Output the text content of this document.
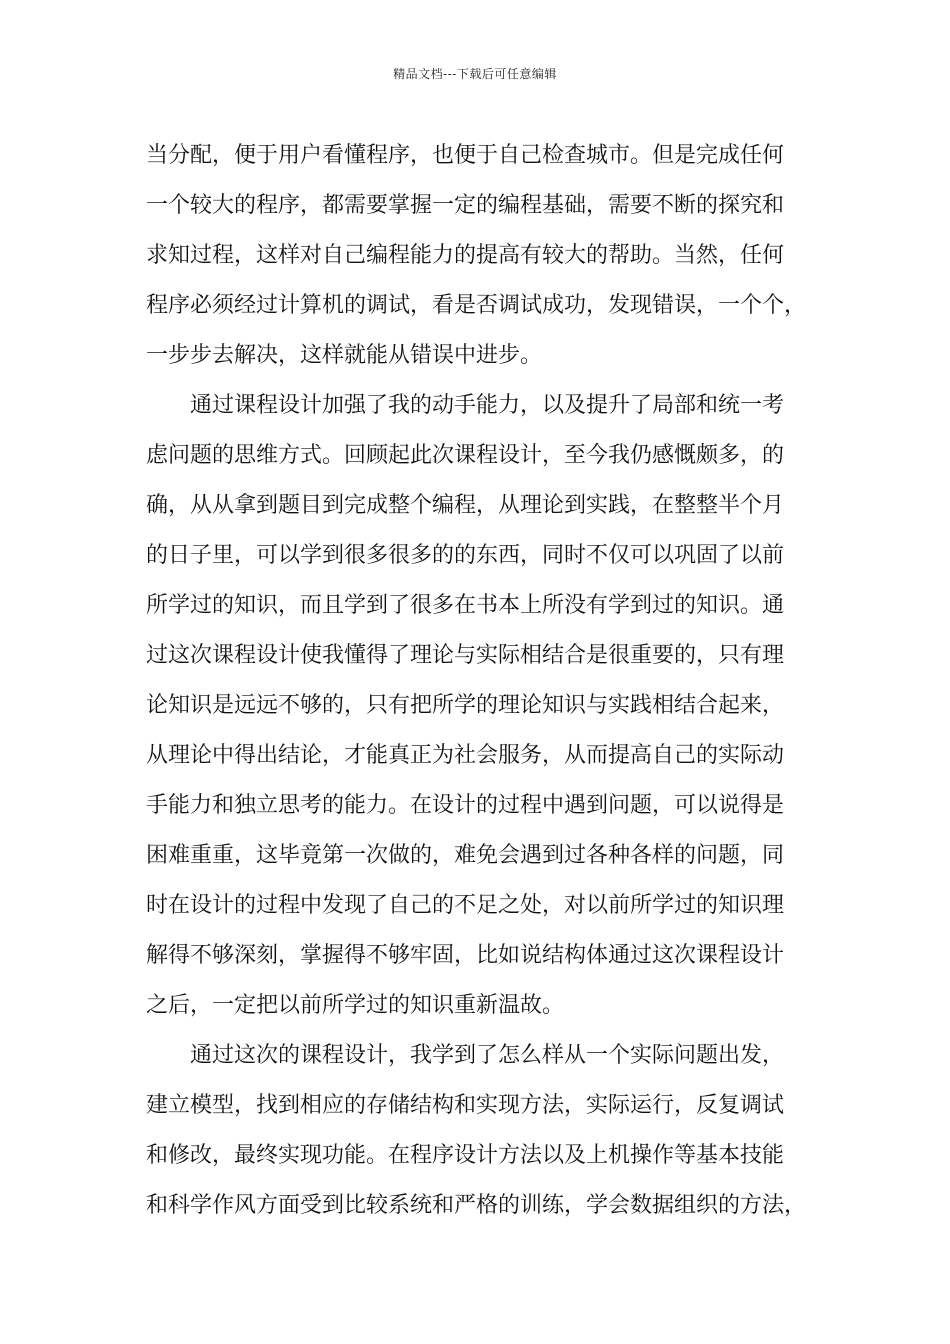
精品文档---下载后可任意编辑
当分配，便于用户看懂程序，也便于自己检查城市。但是完成任何
一个较大的程序，都需要掌握一定的编程基础，需要不断的探究和
求知过程，这样对自己编程能力的提高有较大的帮助。当然，任何
程序必须经过计算机的调试，看是否调试成功，发现错误，一个个，
一步步去解决，这样就能从错误中进步。
通过课程设计加强了我的动手能力，以及提升了局部和统一考
虑问题的思维方式。回顾起此次课程设计，至今我仍感慨颇多，的
确，从从拿到题目到完成整个编程，从理论到实践，在整整半个月
的日子里，可以学到很多很多的的东西，同时不仅可以巩固了以前
所学过的知识，而且学到了很多在书本上所没有学到过的知识。通
过这次课程设计使我懂得了理论与实际相结合是很重要的，只有理
论知识是远远不够的，只有把所学的理论知识与实践相结合起来，
从理论中得出结论，才能真正为社会服务，从而提高自己的实际动
手能力和独立思考的能力。在设计的过程中遇到问题，可以说得是
困难重重，这毕竟第一次做的，难免会遇到过各种各样的问题，同
时在设计的过程中发现了自己的不足之处，对以前所学过的知识理
解得不够深刻，掌握得不够牢固，比如说结构体通过这次课程设计
之后，一定把以前所学过的知识重新温故。
通过这次的课程设计，我学到了怎么样从一个实际问题出发，
建立模型，找到相应的存储结构和实现方法，实际运行，反复调试
和修改，最终实现功能。在程序设计方法以及上机操作等基本技能
和科学作风方面受到比较系统和严格的训练，学会数据组织的方法，
